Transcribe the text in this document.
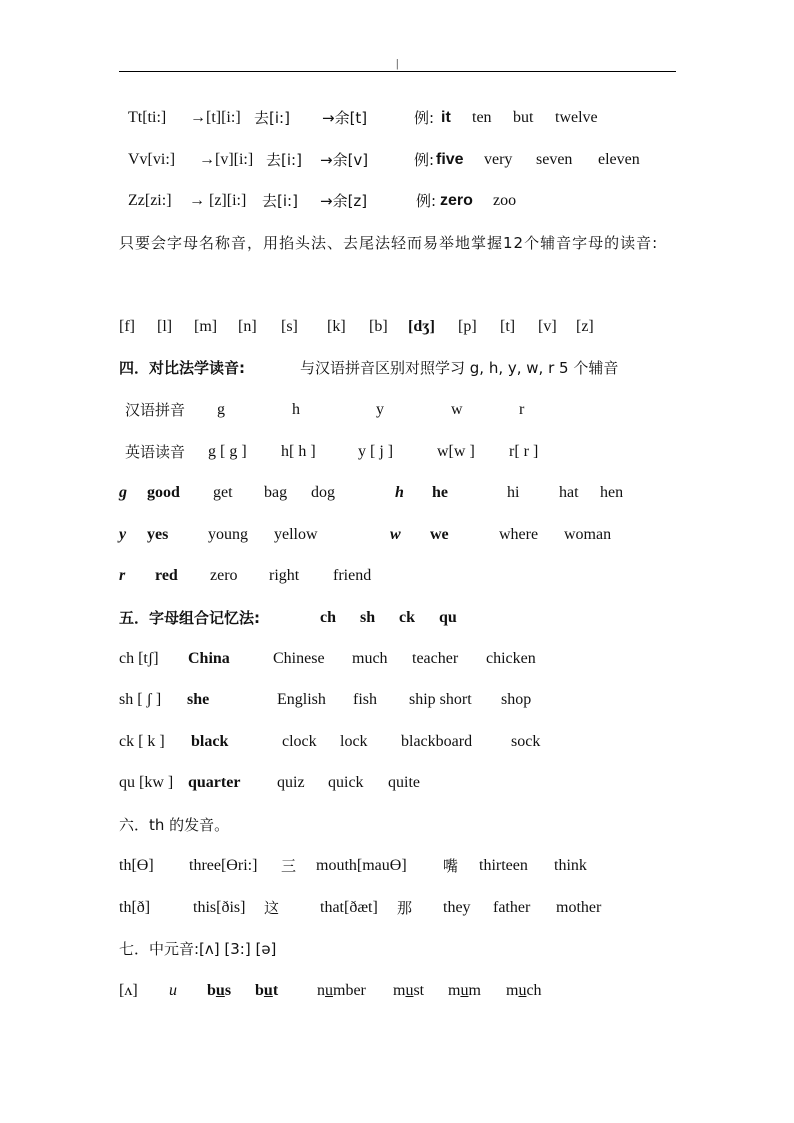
|
Tt[ti:] →[t][i:] 去[i:] →余[t]	例: it ten but twelve
Vv[vi:] →[v][i:] 去[i:] →余[v]	例: five very seven eleven
Zz[zi:] → [z][i:] 去[i:] →余[z]	例: zero zoo
只要会字母名称音，用掐头法、去尾法轻而易举地掌握12个辅音字母的读音:
[f] [l] [m] [n] [s] [k] [b] [dʒ] [p] [t] [v] [z]
四．对比法学读音:	与汉语拼音区别对照学习 g, h, y, w, r 5 个辅音
汉语拼音 g	h	y	w	r
英语读音 g [ g ] h[ h ]	y [ j ]	w[w ] r[ r ]
g good get bag dog	h he	hi hat hen
y yes young yellow	w we	where woman
r red zero right friend
五．字母组合记忆法:	ch sh ck qu
ch [tʃ] China	Chinese much teacher chicken
sh [ ʃ ] she	English fish ship short shop
ck [ k ] black	clock lock blackboard sock
qu [kw ] quarter quiz quick quite
六．th 的发音。
th[Ɵ] three[Ɵri:] 三 mouth[mauƟ] 嘴 thirteen think
th[ð]	this[ðis] 这	that[ðæt] 那 they father mother
七．中元音:[ʌ] [3:] [ə]
[ʌ] u bus but number must mum much
